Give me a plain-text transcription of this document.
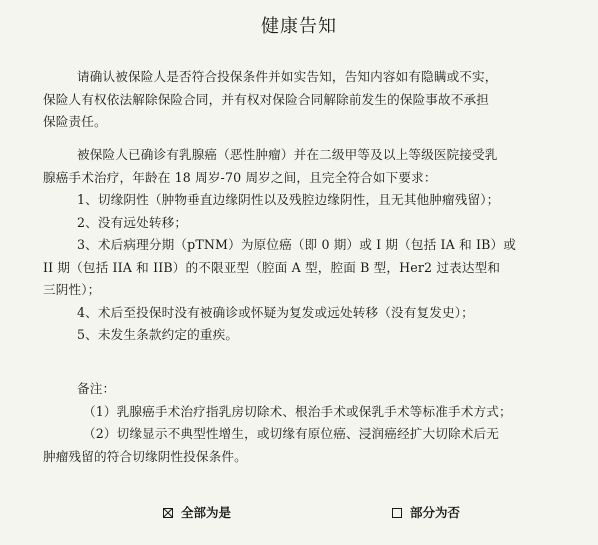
健康告知
请确认被保险人是否符合投保条件并如实告知，告知内容如有隐瞒或不实，
保险人有权依法解除保险合同，并有权对保险合同解除前发生的保险事故不承担
保险责任。
被保险人已确诊有乳腺癌（恶性肿瘤）并在二级甲等及以上等级医院接受乳
腺癌手术治疗，年龄在 18 周岁-70 周岁之间，且完全符合如下要求：
1、切缘阴性（肿物垂直边缘阴性以及残腔边缘阴性，且无其他肿瘤残留）；
2、没有远处转移；
3、术后病理分期（pTNM）为原位癌（即 0 期）或 I 期（包括 IA 和 IB）或
II 期（包括 IIA 和 IIB）的不限亚型（腔面 A 型，腔面 B 型，Her2 过表达型和
三阴性）；
4、术后至投保时没有被确诊或怀疑为复发或远处转移（没有复发史）；
5、未发生条款约定的重疾。
备注：
（1）乳腺癌手术治疗指乳房切除术、根治手术或保乳手术等标准手术方式；
（2）切缘显示不典型性增生，或切缘有原位癌、浸润癌经扩大切除术后无
肿瘤残留的符合切缘阴性投保条件。
全部为是	部分为否
